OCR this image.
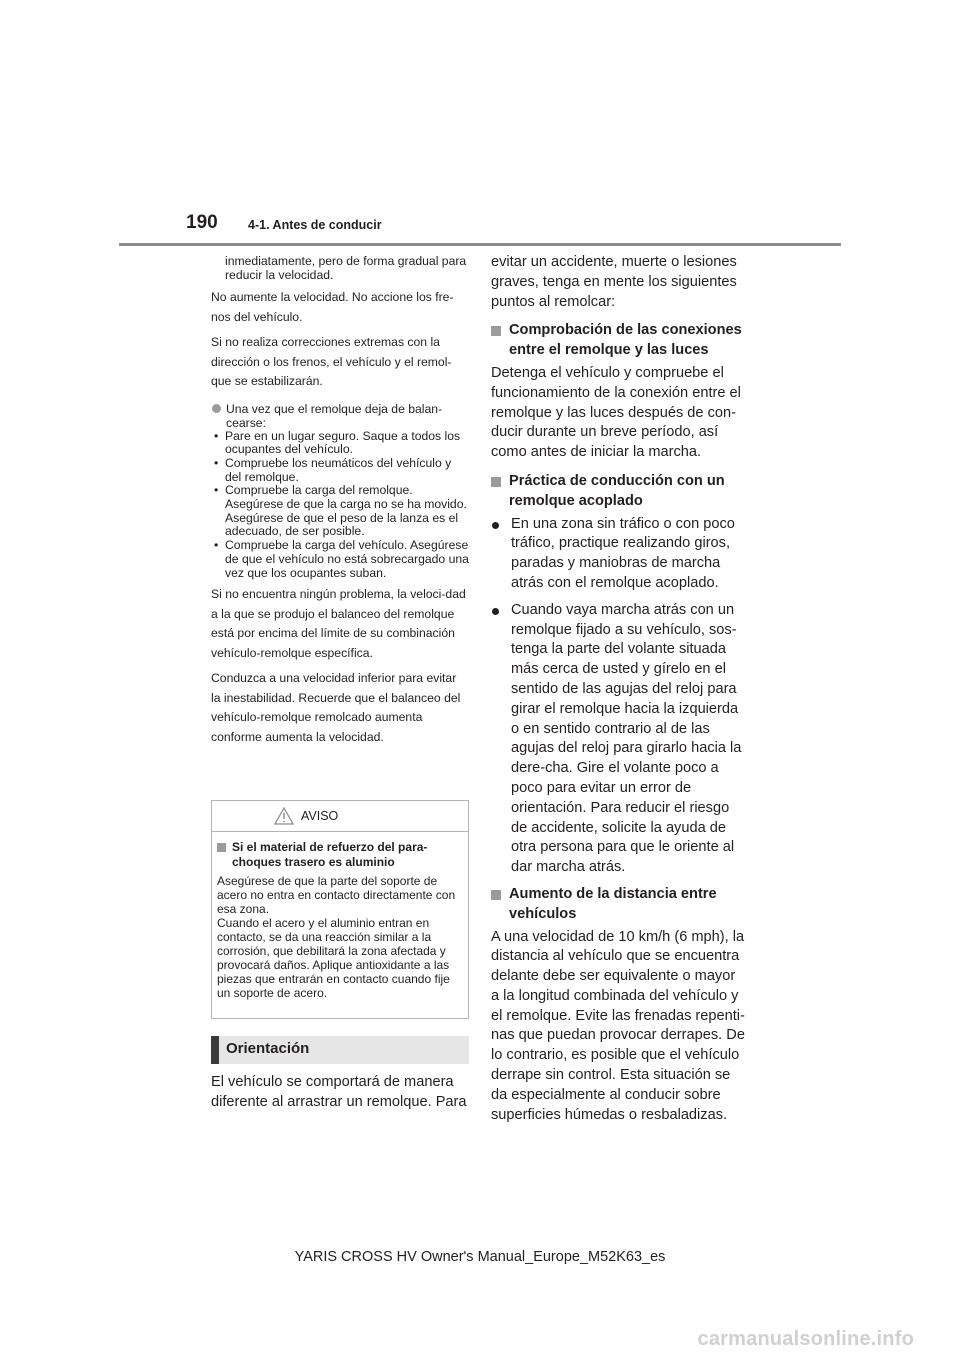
190 4-1. Antes de conducir

inmediatamente, pero de forma gradual para reducir la velocidad.

No aumente la velocidad. No accione los fre-nos del vehículo.

Si no realiza correcciones extremas con la dirección o los frenos, el vehículo y el remol-que se estabilizarán.

Una vez que el remolque deja de balan-cearse:
• Pare en un lugar seguro. Saque a todos los ocupantes del vehículo.
• Compruebe los neumáticos del vehículo y del remolque.
• Compruebe la carga del remolque. Asegúrese de que la carga no se ha movido. Asegúrese de que el peso de la lanza es el adecuado, de ser posible.
• Compruebe la carga del vehículo. Asegúrese de que el vehículo no está sobrecargado una vez que los ocupantes suban.

Si no encuentra ningún problema, la veloci-dad a la que se produjo el balanceo del remolque está por encima del límite de su combinación vehículo-remolque específica.

Conduzca a una velocidad inferior para evitar la inestabilidad. Recuerde que el balanceo del vehículo-remolque remolcado aumenta conforme aumenta la velocidad.

AVISO
Si el material de refuerzo del para-choques trasero es aluminio

Asegúrese de que la parte del soporte de acero no entra en contacto directamente con esa zona.
Cuando el acero y el aluminio entran en contacto, se da una reacción similar a la corrosión, que debilitará la zona afectada y provocará daños. Aplique antioxidante a las piezas que entrarán en contacto cuando fije un soporte de acero.

Orientación
El vehículo se comportará de manera diferente al arrastrar un remolque. Para

evitar un accidente, muerte o lesiones graves, tenga en mente los siguientes puntos al remolcar:

Comprobación de las conexiones entre el remolque y las luces

Detenga el vehículo y compruebe el funcionamiento de la conexión entre el remolque y las luces después de con-ducir durante un breve período, así como antes de iniciar la marcha.

Práctica de conducción con un remolque acoplado
En una zona sin tráfico o con poco tráfico, practique realizando giros, paradas y maniobras de marcha atrás con el remolque acoplado.
Cuando vaya marcha atrás con un remolque fijado a su vehículo, sos-tenga la parte del volante situada más cerca de usted y gírelo en el sentido de las agujas del reloj para girar el remolque hacia la izquierda o en sentido contrario al de las agujas del reloj para girarlo hacia la dere-cha. Gire el volante poco a poco para evitar un error de orientación. Para reducir el riesgo de accidente, solicite la ayuda de otra persona para que le oriente al dar marcha atrás.
Aumento de la distancia entre vehículos

A una velocidad de 10 km/h (6 mph), la distancia al vehículo que se encuentra delante debe ser equivalente o mayor a la longitud combinada del vehículo y el remolque. Evite las frenadas repenti-nas que puedan provocar derrapes. De lo contrario, es posible que el vehículo derrape sin control. Esta situación se da especialmente al conducir sobre superficies húmedas o resbaladizas.

YARIS CROSS HV Owner's Manual_Europe_M52K63_es
carmanualsonline.info
